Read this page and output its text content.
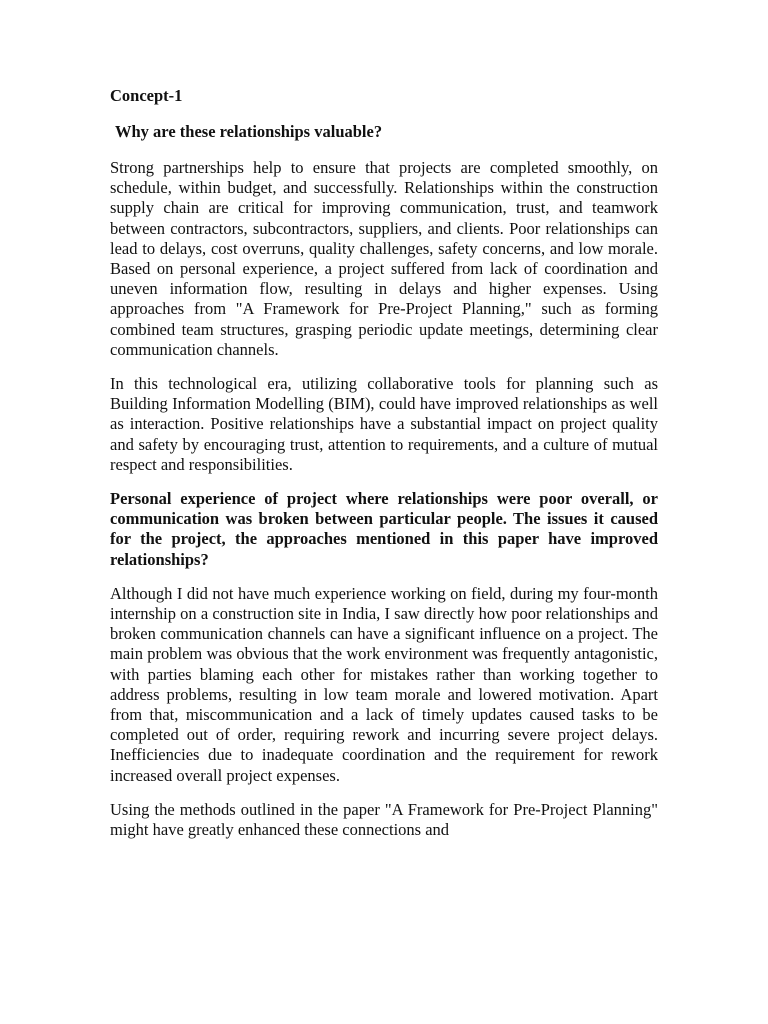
Concept-1

Why are these relationships valuable?

Strong partnerships help to ensure that projects are completed smoothly, on schedule, within budget, and successfully. Relationships within the construction supply chain are critical for improving communication, trust, and teamwork between contractors, subcontractors, suppliers, and clients. Poor relationships can lead to delays, cost overruns, quality challenges, safety concerns, and low morale. Based on personal experience, a project suffered from lack of coordination and uneven information flow, resulting in delays and higher expenses. Using approaches from "A Framework for Pre-Project Planning," such as forming combined team structures, grasping periodic update meetings, determining clear communication channels.

In this technological era, utilizing collaborative tools for planning such as Building Information Modelling (BIM), could have improved relationships as well as interaction. Positive relationships have a substantial impact on project quality and safety by encouraging trust, attention to requirements, and a culture of mutual respect and responsibilities.

Personal experience of project where relationships were poor overall, or communication was broken between particular people. The issues it caused for the project, the approaches mentioned in this paper have improved relationships?

Although I did not have much experience working on field, during my four-month internship on a construction site in India, I saw directly how poor relationships and broken communication channels can have a significant influence on a project. The main problem was obvious that the work environment was frequently antagonistic, with parties blaming each other for mistakes rather than working together to address problems, resulting in low team morale and lowered motivation. Apart from that, miscommunication and a lack of timely updates caused tasks to be completed out of order, requiring rework and incurring severe project delays. Inefficiencies due to inadequate coordination and the requirement for rework increased overall project expenses.

Using the methods outlined in the paper "A Framework for Pre-Project Planning" might have greatly enhanced these connections and
